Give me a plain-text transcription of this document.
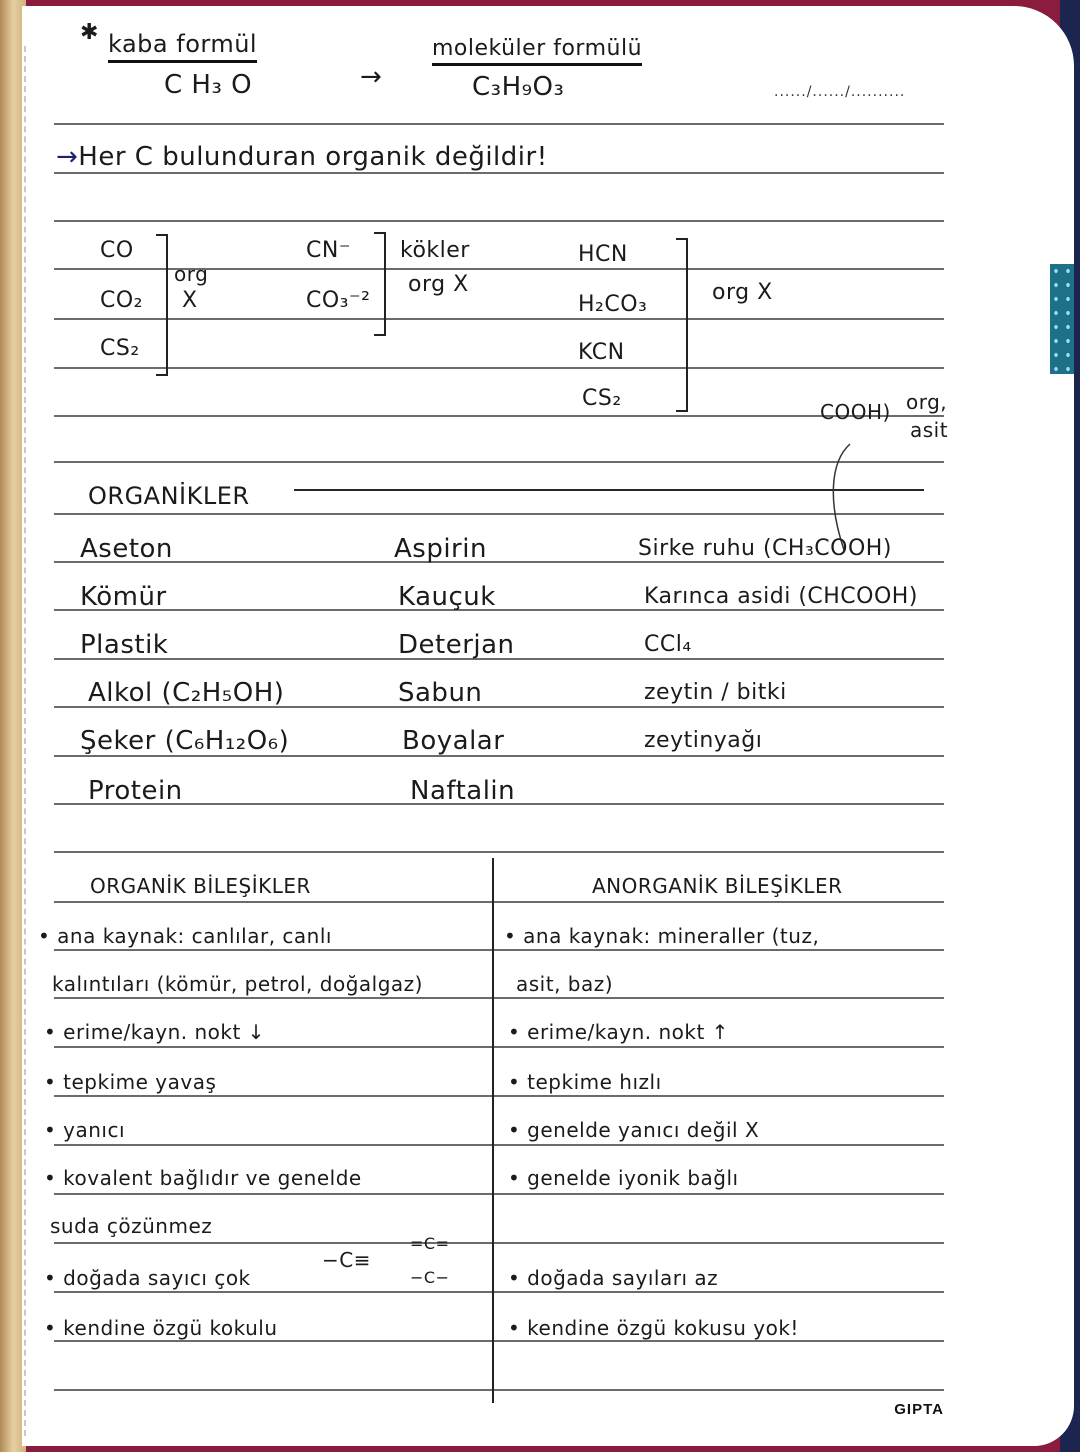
✱ kaba formül
C H₃ O	→
moleküler formülü
C₃H₉O₃	....../....../..........
→Her C bulunduran organik değildir!
CO
CO₂
CS₂
org
X
CN⁻
CO₃⁻²
kökler
org X
HCN
H₂CO₃
KCN
CS₂
org X
COOH) org,
asit
ORGANİKLER
Aseton
Kömür
Plastik
Alkol (C₂H₅OH)
Şeker (C₆H₁₂O₆)
Protein
Aspirin
Kauçuk
Deterjan
Sabun
Boyalar
Naftalin
Sirke ruhu (CH₃COOH)
Karınca asidi (CHCOOH)
CCl₄
zeytin / bitki
zeytinyağı
ORGANİK BİLEŞİKLER
• ana kaynak: canlılar, canlı
kalıntıları (kömür, petrol, doğalgaz)
• erime/kayn. nokt ↓
• tepkime yavaş
• yanıcı
• kovalent bağlıdır ve genelde
suda çözünmez
• doğada sayıcı çok
• kendine özgü kokulu
−C≡
=C=
−C−
ANORGANİK BİLEŞİKLER
• ana kaynak: mineraller (tuz,
asit, baz)
• erime/kayn. nokt ↑
• tepkime hızlı
• genelde yanıcı değil X
• genelde iyonik bağlı
• doğada sayıları az
• kendine özgü kokusu yok!
GIPTA
